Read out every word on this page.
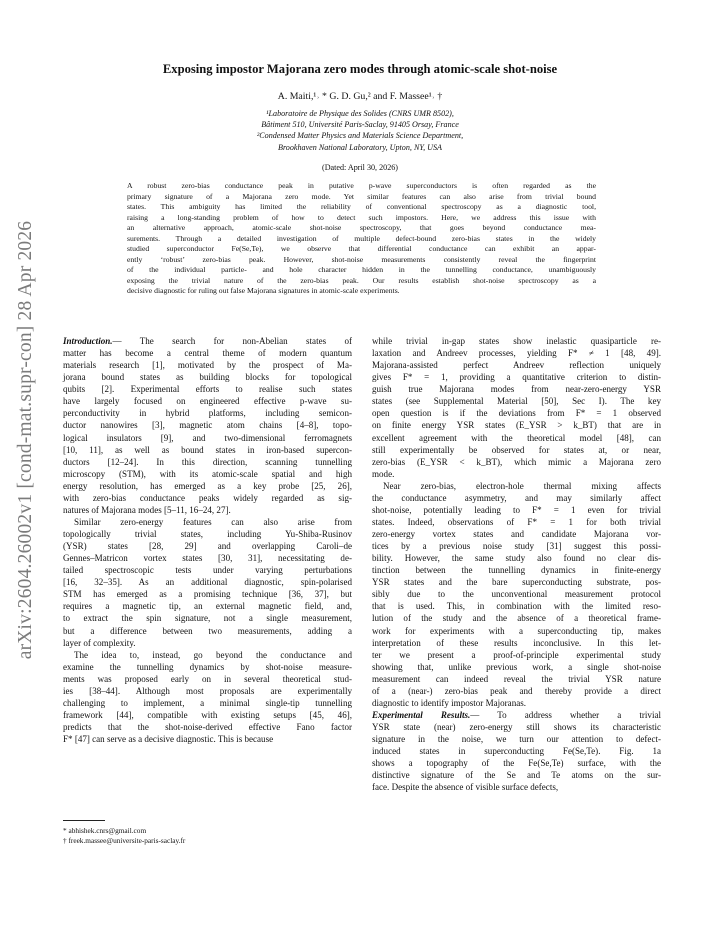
arXiv:2604.26002v1 [cond-mat.supr-con] 28 Apr 2026
Exposing impostor Majorana zero modes through atomic-scale shot-noise
A. Maiti,¹˒ * G. D. Gu,² and F. Massee¹˒ †
¹Laboratoire de Physique des Solides (CNRS UMR 8502),
Bâtiment 510, Université Paris-Saclay, 91405 Orsay, France
²Condensed Matter Physics and Materials Science Department,
Brookhaven National Laboratory, Upton, NY, USA
(Dated: April 30, 2026)
A robust zero-bias conductance peak in putative p-wave superconductors is often regarded as the
primary signature of a Majorana zero mode. Yet similar features can also arise from trivial bound
states. This ambiguity has limited the reliability of conventional spectroscopy as a diagnostic tool,
raising a long-standing problem of how to detect such impostors. Here, we address this issue with
an alternative approach, atomic-scale shot-noise spectroscopy, that goes beyond conductance mea-
surements. Through a detailed investigation of multiple defect-bound zero-bias states in the widely
studied superconductor Fe(Se,Te), we observe that differential conductance can exhibit an appar-
ently ‘robust’ zero-bias peak. However, shot-noise measurements consistently reveal the fingerprint
of the individual particle- and hole character hidden in the tunnelling conductance, unambiguously
exposing the trivial nature of the zero-bias peak. Our results establish shot-noise spectroscopy as a
decisive diagnostic for ruling out false Majorana signatures in atomic-scale experiments.
Introduction.— The search for non-Abelian states of
matter has become a central theme of modern quantum
materials research [1], motivated by the prospect of Ma-
jorana bound states as building blocks for topological
qubits [2]. Experimental efforts to realise such states
have largely focused on engineered effective p-wave su-
perconductivity in hybrid platforms, including semicon-
ductor nanowires [3], magnetic atom chains [4–8], topo-
logical insulators [9], and two-dimensional ferromagnets
[10, 11], as well as bound states in iron-based supercon-
ductors [12–24]. In this direction, scanning tunnelling
microscopy (STM), with its atomic-scale spatial and high
energy resolution, has emerged as a key probe [25, 26],
with zero-bias conductance peaks widely regarded as sig-
natures of Majorana modes [5–11, 16–24, 27].
Similar zero-energy features can also arise from
topologically trivial states, including Yu-Shiba-Rusinov
(YSR) states [28, 29] and overlapping Caroli–de
Gennes–Matricon vortex states [30, 31], necessitating de-
tailed spectroscopic tests under varying perturbations
[16, 32–35]. As an additional diagnostic, spin-polarised
STM has emerged as a promising technique [36, 37], but
requires a magnetic tip, an external magnetic field, and,
to extract the spin signature, not a single measurement,
but a difference between two measurements, adding a
layer of complexity.
The idea to, instead, go beyond the conductance and
examine the tunnelling dynamics by shot-noise measure-
ments was proposed early on in several theoretical stud-
ies [38–44]. Although most proposals are experimentally
challenging to implement, a minimal single-tip tunnelling
framework [44], compatible with existing setups [45, 46],
predicts that the shot-noise-derived effective Fano factor
F* [47] can serve as a decisive diagnostic. This is because
while trivial in-gap states show inelastic quasiparticle re-
laxation and Andreev processes, yielding F* ≠ 1 [48, 49].
Majorana-assisted perfect Andreev reflection uniquely
gives F* = 1, providing a quantitative criterion to distin-
guish true Majorana modes from near-zero-energy YSR
states (see Supplemental Material [50], Sec I). The key
open question is if the deviations from F* = 1 observed
on finite energy YSR states (E_YSR > k_BT) that are in
excellent agreement with the theoretical model [48], can
still experimentally be observed for states at, or near,
zero-bias (E_YSR < k_BT), which mimic a Majorana zero
mode.
Near zero-bias, electron-hole thermal mixing affects
the conductance asymmetry, and may similarly affect
shot-noise, potentially leading to F* = 1 even for trivial
states. Indeed, observations of F* = 1 for both trivial
zero-energy vortex states and candidate Majorana vor-
tices by a previous noise study [31] suggest this possi-
bility. However, the same study also found no clear dis-
tinction between the tunnelling dynamics in finite-energy
YSR states and the bare superconducting substrate, pos-
sibly due to the unconventional measurement protocol
that is used. This, in combination with the limited reso-
lution of the study and the absence of a theoretical frame-
work for experiments with a superconducting tip, makes
interpretation of these results inconclusive. In this let-
ter we present a proof-of-principle experimental study
showing that, unlike previous work, a single shot-noise
measurement can indeed reveal the trivial YSR nature
of a (near-) zero-bias peak and thereby provide a direct
diagnostic to identify impostor Majoranas.
Experimental Results.— To address whether a trivial
YSR state (near) zero-energy still shows its characteristic
signature in the noise, we turn our attention to defect-
induced states in superconducting Fe(Se,Te). Fig. 1a
shows a topography of the Fe(Se,Te) surface, with the
distinctive signature of the Se and Te atoms on the sur-
face. Despite the absence of visible surface defects,
* abhishek.cnrs@gmail.com
† freek.massee@universite-paris-saclay.fr
